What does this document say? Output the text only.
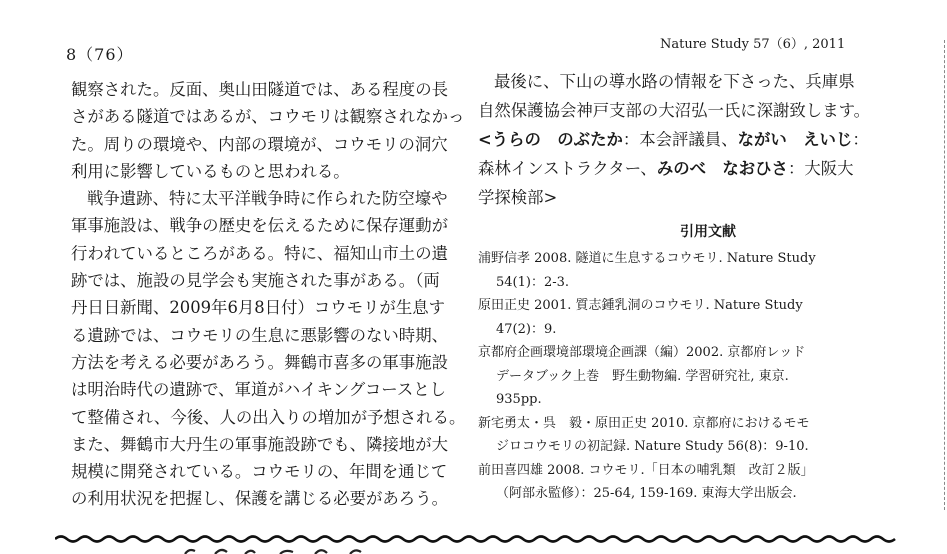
8（76）
Nature Study 57（6）, 2011
観察された。反面、奥山田隧道では、ある程度の長
さがある隧道ではあるが、コウモリは観察されなかっ
た。周りの環境や、内部の環境が、コウモリの洞穴
利用に影響しているものと思われる。
戦争遺跡、特に太平洋戦争時に作られた防空壕や
軍事施設は、戦争の歴史を伝えるために保存運動が
行われているところがある。特に、福知山市土の遺
跡では、施設の見学会も実施された事がある。（両
丹日日新聞、2009年6月8日付）コウモリが生息す
る遺跡では、コウモリの生息に悪影響のない時期、
方法を考える必要があろう。舞鶴市喜多の軍事施設
は明治時代の遺跡で、軍道がハイキングコースとし
て整備され、今後、人の出入りの増加が予想される。
また、舞鶴市大丹生の軍事施設跡でも、隣接地が大
規模に開発されている。コウモリの、年間を通じて
の利用状況を把握し、保護を講じる必要があろう。
最後に、下山の導水路の情報を下さった、兵庫県
自然保護協会神戸支部の大沼弘一氏に深謝致します。
<うらの　のぶたか：本会評議員、ながい　えいじ：
森林インストラクター、みのべ　なおひさ：大阪大
学探検部>
引用文献
浦野信孝 2008. 隧道に生息するコウモリ. Nature Study
54(1)：2-3.
原田正史 2001. 質志鍾乳洞のコウモリ. Nature Study
47(2)：9.
京都府企画環境部環境企画課（編）2002. 京都府レッド
データブック上巻　野生動物編. 学習研究社, 東京.
935pp.
新宅勇太・呉　毅・原田正史 2010. 京都府におけるモモ
ジロコウモリの初記録. Nature Study 56(8)：9-10.
前田喜四雄 2008. コウモリ.「日本の哺乳類　改訂２版」
（阿部永監修）：25-64, 159-169. 東海大学出版会.
